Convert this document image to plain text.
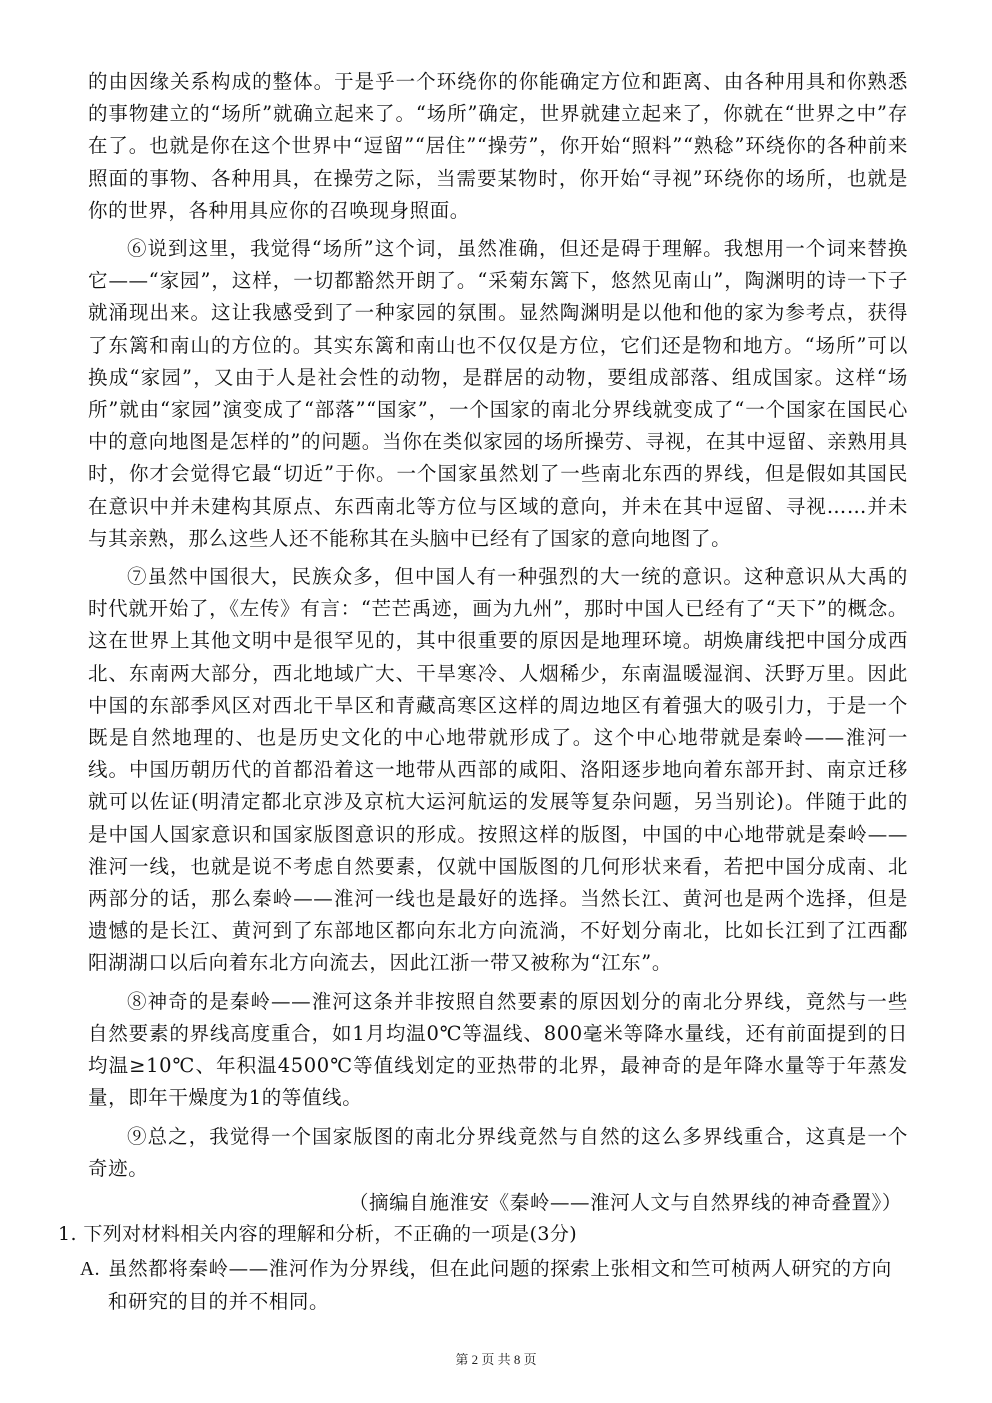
的由因缘关系构成的整体。于是乎一个环绕你的你能确定方位和距离、由各种用具和你熟悉的事物建立的“场所”就确立起来了。“场所”确定，世界就建立起来了，你就在“世界之中”存在了。也就是你在这个世界中“逗留”“居住”“操劳”，你开始“照料”“熟稔”环绕你的各种前来照面的事物、各种用具，在操劳之际，当需要某物时，你开始“寻视”环绕你的场所，也就是你的世界，各种用具应你的召唤现身照面。

⑥说到这里，我觉得“场所”这个词，虽然准确，但还是碍于理解。我想用一个词来替换它——“家园”，这样，一切都豁然开朗了。“采菊东篱下，悠然见南山”，陶渊明的诗一下子就涌现出来。这让我感受到了一种家园的氛围。显然陶渊明是以他和他的家为参考点，获得了东篱和南山的方位的。其实东篱和南山也不仅仅是方位，它们还是物和地方。“场所”可以换成“家园”，又由于人是社会性的动物，是群居的动物，要组成部落、组成国家。这样“场所”就由“家园”演变成了“部落”“国家”，一个国家的南北分界线就变成了“一个国家在国民心中的意向地图是怎样的”的问题。当你在类似家园的场所操劳、寻视，在其中逗留、亲熟用具时，你才会觉得它最“切近”于你。一个国家虽然划了一些南北东西的界线，但是假如其国民在意识中并未建构其原点、东西南北等方位与区域的意向，并未在其中逗留、寻视……并未与其亲熟，那么这些人还不能称其在头脑中已经有了国家的意向地图了。

⑦虽然中国很大，民族众多，但中国人有一种强烈的大一统的意识。这种意识从大禹的时代就开始了，《左传》有言：“芒芒禹迹，画为九州”，那时中国人已经有了“天下”的概念。这在世界上其他文明中是很罕见的，其中很重要的原因是地理环境。胡焕庸线把中国分成西北、东南两大部分，西北地域广大、干旱寒冷、人烟稀少，东南温暖湿润、沃野万里。因此中国的东部季风区对西北干旱区和青藏高寒区这样的周边地区有着强大的吸引力，于是一个既是自然地理的、也是历史文化的中心地带就形成了。这个中心地带就是秦岭——淮河一线。中国历朝历代的首都沿着这一地带从西部的咸阳、洛阳逐步地向着东部开封、南京迁移就可以佐证(明清定都北京涉及京杭大运河航运的发展等复杂问题，另当别论)。伴随于此的是中国人国家意识和国家版图意识的形成。按照这样的版图，中国的中心地带就是秦岭——淮河一线，也就是说不考虑自然要素，仅就中国版图的几何形状来看，若把中国分成南、北两部分的话，那么秦岭——淮河一线也是最好的选择。当然长江、黄河也是两个选择，但是遗憾的是长江、黄河到了东部地区都向东北方向流淌，不好划分南北，比如长江到了江西鄱阳湖湖口以后向着东北方向流去，因此江浙一带又被称为“江东”。

⑧神奇的是秦岭——淮河这条并非按照自然要素的原因划分的南北分界线，竟然与一些自然要素的界线高度重合，如1月均温0℃等温线、800毫米等降水量线，还有前面提到的日均温≥10℃、年积温4500℃等值线划定的亚热带的北界，最神奇的是年降水量等于年蒸发量，即年干燥度为1的等值线。

⑨总之，我觉得一个国家版图的南北分界线竟然与自然的这么多界线重合，这真是一个奇迹。

（摘编自施淮安《秦岭——淮河人文与自然界线的神奇叠置》）

1. 下列对材料相关内容的理解和分析，不正确的一项是(3分)

A. 虽然都将秦岭——淮河作为分界线，但在此问题的探索上张相文和竺可桢两人研究的方向和研究的目的并不相同。

第 2 页 共 8 页
